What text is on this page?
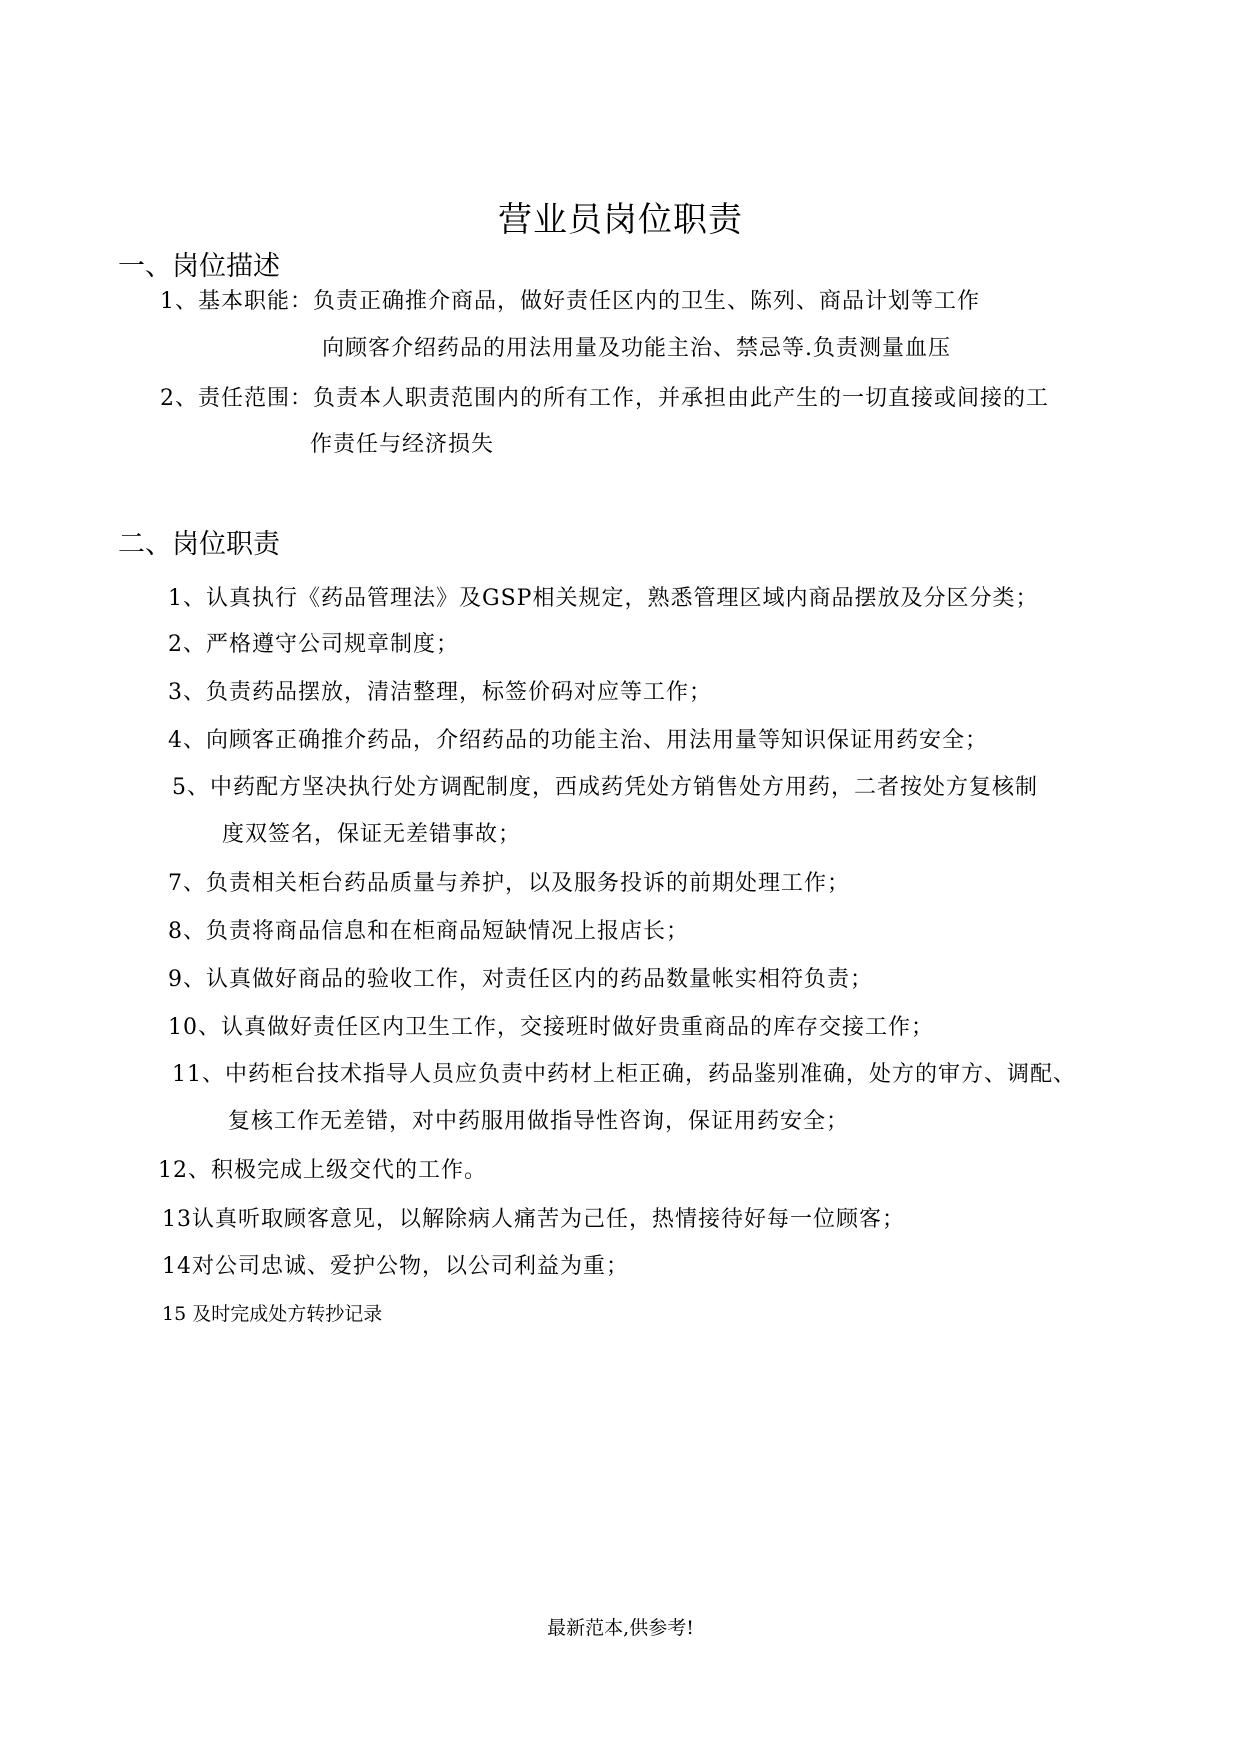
营业员岗位职责
一、岗位描述
1、基本职能：负责正确推介商品，做好责任区内的卫生、陈列、商品计划等工作
向顾客介绍药品的用法用量及功能主治、禁忌等.负责测量血压
2、责任范围：负责本人职责范围内的所有工作，并承担由此产生的一切直接或间接的工
作责任与经济损失
二、岗位职责
1、认真执行《药品管理法》及GSP相关规定，熟悉管理区域内商品摆放及分区分类；
2、严格遵守公司规章制度；
3、负责药品摆放，清洁整理，标签价码对应等工作；
4、向顾客正确推介药品，介绍药品的功能主治、用法用量等知识保证用药安全；
5、中药配方坚决执行处方调配制度，西成药凭处方销售处方用药，二者按处方复核制
度双签名，保证无差错事故；
7、负责相关柜台药品质量与养护，以及服务投诉的前期处理工作；
8、负责将商品信息和在柜商品短缺情况上报店长；
9、认真做好商品的验收工作，对责任区内的药品数量帐实相符负责；
10、认真做好责任区内卫生工作，交接班时做好贵重商品的库存交接工作；
11、中药柜台技术指导人员应负责中药材上柜正确，药品鉴别准确，处方的审方、调配、
复核工作无差错，对中药服用做指导性咨询，保证用药安全；
12、积极完成上级交代的工作。
13认真听取顾客意见，以解除病人痛苦为己任，热情接待好每一位顾客；
14对公司忠诚、爱护公物，以公司利益为重；
15 及时完成处方转抄记录
最新范本,供参考!
